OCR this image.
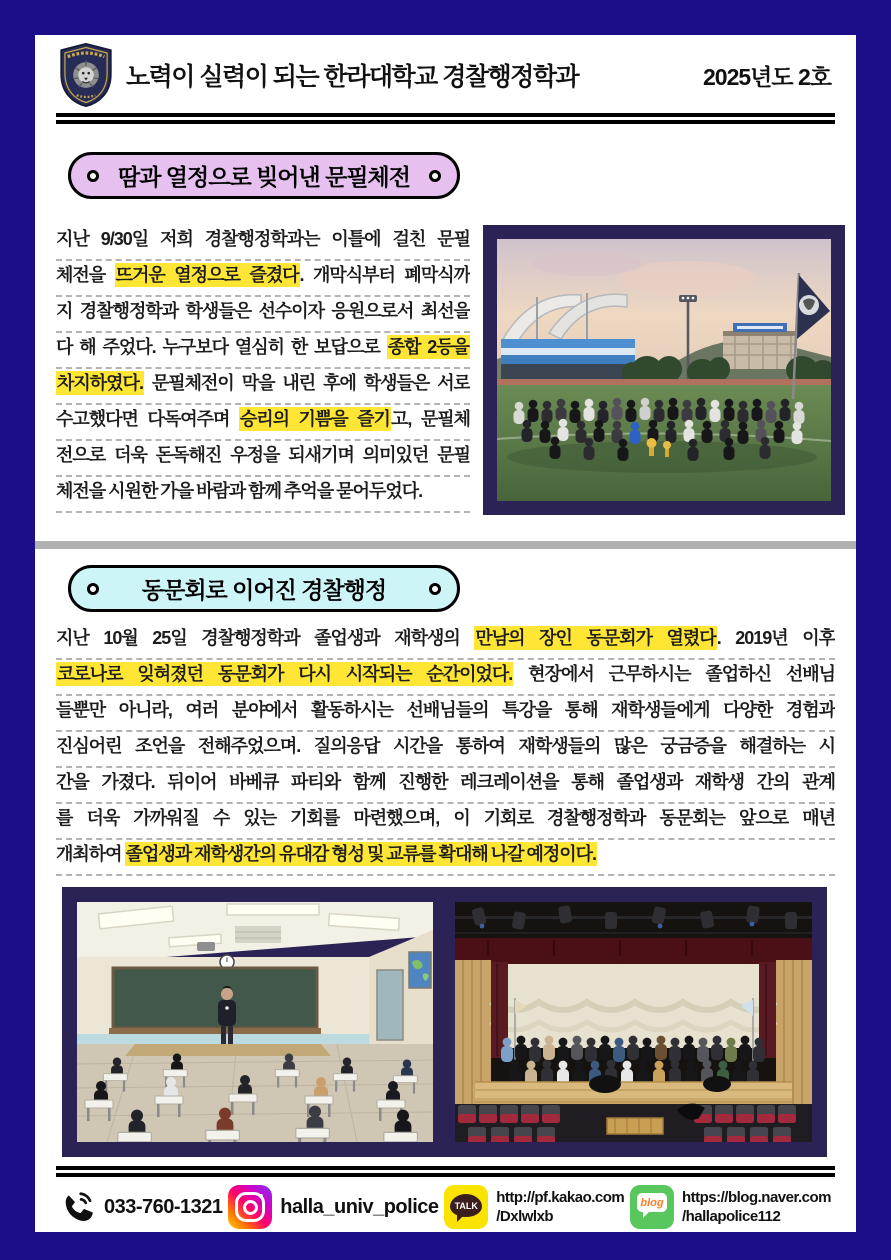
노력이 실력이 되는 한라대학교 경찰행정학과	2025년도 2호
땀과 열정으로 빚어낸 문필체전
지난 9/30일 저희 경찰행정학과는 이틀에 걸친 문필
체전을 뜨거운 열정으로 즐겼다. 개막식부터 폐막식까
지 경찰행정학과 학생들은 선수이자 응원으로서 최선을
다 해 주었다. 누구보다 열심히 한 보답으로 종합 2등을
차지하였다. 문필체전이 막을 내린 후에 학생들은 서로
수고했다면 다독여주며 승리의 기쁨을 즐기고, 문필체
전으로 더욱 돈독해진 우정을 되새기며 의미있던 문필
체전을 시원한 가을 바람과 함께 추억을 묻어두었다.
동문회로 이어진 경찰행정
지난 10월 25일 경찰행정학과 졸업생과 재학생의 만남의 장인 동문회가 열렸다. 2019년 이후
코로나로 잊혀졌던 동문회가 다시 시작되는 순간이었다. 현장에서 근무하시는 졸업하신 선배님
들뿐만 아니라, 여러 분야에서 활동하시는 선배님들의 특강을 통해 재학생들에게 다양한 경험과
진심어린 조언을 전해주었으며. 질의응답 시간을 통하여 재학생들의 많은 궁금증을 해결하는 시
간을 가졌다. 뒤이어 바베큐 파티와 함께 진행한 레크레이션을 통해 졸업생과 재학생 간의 관계
를 더욱 가까워질 수 있는 기회를 마련했으며, 이 기회로 경찰행정학과 동문회는 앞으로 매년
개최하여 졸업생과 재학생간의 유대감 형성 및 교류를 확대해 나갈 예정이다.
033-760-1321	halla_univ_police TALK http://pf.kakao.com
/Dxlwlxb
blog https://blog.naver.com
/hallapolice112
